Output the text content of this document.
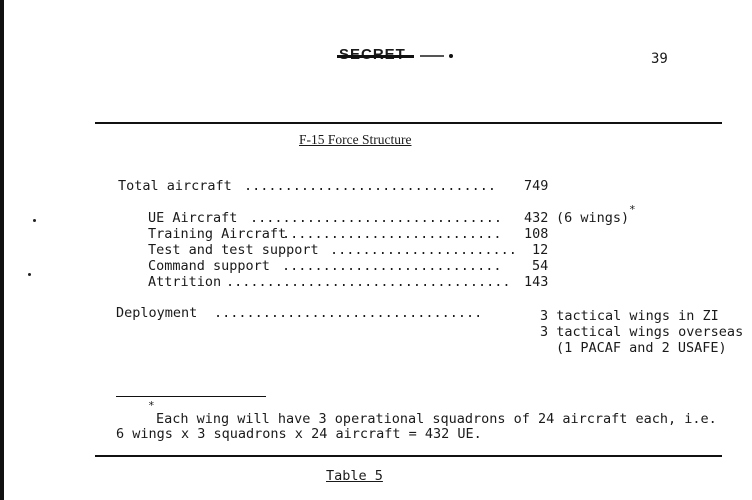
39
F-15 Force Structure
Total aircraft ............................... 749
UE Aircraft ............................... 432 (6 wings)
*
Training Aircraft
........................... 108
Test and test support ....................... 12
Command support ........................... 54
Attrition ................................... 143
Deployment .................................	3 tactical wings in ZI
3 tactical wings overseas
(1 PACAF and 2 USAFE)
*
Each wing will have 3 operational squadrons of 24 aircraft each, i.e.
6 wings x 3 squadrons x 24 aircraft = 432 UE.
Table 5
